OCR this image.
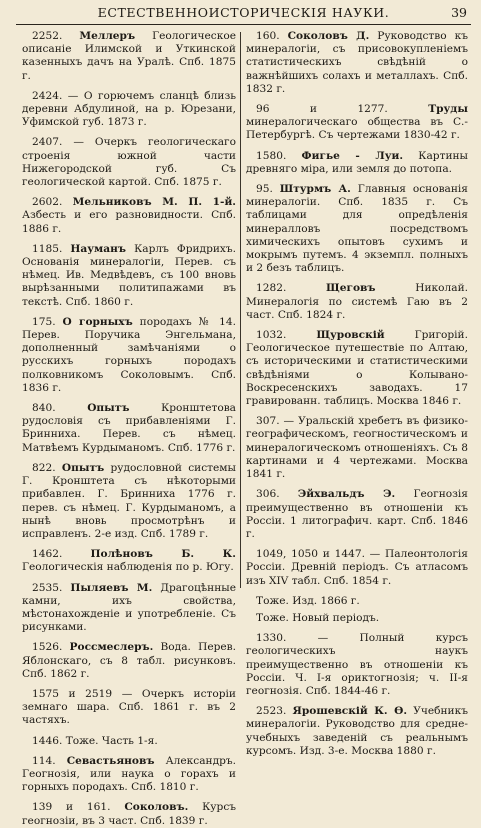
ЕСТЕСТВЕННОИСТОРИЧЕСКІЯ НАУКИ.	39

2252. Меллеръ Геологическое описаніе Илимской и Уткинской казенныхъ дачъ на Уралѣ. Спб. 1875 г.

2424. — О горючемъ сланцѣ близь деревни Абдулиной, на р. Юрезани, Уфимской губ. 1873 г.

2407. — Очеркъ геологическаго строенія южной части Нижегородской губ. Съ геологической картой. Спб. 1875 г.

2602. Мельниковъ М. П. 1-й. Азбесть и его разновидности. Спб. 1886 г.

1185. Науманъ Карлъ Фридрихъ. Основанія минералогіи, Перев. съ нѣмец. Ив. Медвѣдевъ, съ 100 вновь вырѣзанными политипажами въ текстѣ. Спб. 1860 г.

175. О горныхъ породахъ № 14. Перев. Поручика Энгельмана, дополненный замѣчаніями о русскихъ горныхъ породахъ полковникомъ Соколовымъ. Спб. 1836 г.

840. Опытъ Кронштетова рудословія съ прибавленіями Г. Бринниха. Перев. съ нѣмец. Матвѣемъ Курдыманомъ. Спб. 1776 г.

822. Опытъ рудословной системы Г. Кронштета съ нѣкоторыми прибавлен. Г. Бринниха 1776 г. перев. съ нѣмец. Г. Курдыманомъ, а нынѣ вновь просмотрѣнъ и исправленъ. 2-е изд. Спб. 1789 г.

1462. Полѣновъ Б. К. Геологическія наблюденія по р. Югу.

2535. Пыляевъ М. Драгоцѣнные камни, ихъ свойства, мѣстонахожденіе и употребленіе. Съ рисунками.

1526. Россмеслеръ. Вода. Перев. Яблонскаго, съ 8 табл. рисунковъ. Спб. 1862 г.

1575 и 2519 — Очеркъ исторіи земнаго шара. Спб. 1861 г. въ 2 частяхъ.

1446. Тоже. Часть 1-я.

114. Севастьяновъ Александръ. Геогнозія, или наука о горахъ и горныхъ породахъ. Спб. 1810 г.

139 и 161. Соколовъ. Курсъ геогнозіи, въ 3 част. Спб. 1839 г.

160. Соколовъ Д. Руководство къ минералогіи, съ присовокупленіемъ статистическихъ свѣдѣній о важнѣйшихъ солахъ и металлахъ. Спб. 1832 г.

96 и 1277. Труды минералогическаго общества въ С.-Петербургѣ. Съ чертежами 1830-42 г.

1580. Фигье - Луи. Картины древняго міра, или земля до потопа.

95. Штурмъ А. Главныя основанія минералогіи. Спб. 1835 г. Съ таблицами для опредѣленія минералловъ посредствомъ химическихъ опытовъ сухимъ и мокрымъ путемъ. 4 экземпл. полныхъ и 2 безъ таблицъ.

1282. Щеговъ Николай. Минералогія по системѣ Гаю въ 2 част. Спб. 1824 г.

1032. Щуровскій Григорій. Геологическое путешествіе по Алтаю, съ историческими и статистическими свѣдѣніями о Колывано-Воскресенскихъ заводахъ. 17 гравированн. таблицъ. Москва 1846 г.

307. — Уральскій хребетъ въ физико-географическомъ, геогностическомъ и минералогическомъ отношеніяхъ. Съ 8 картинами и 4 чертежами. Москва 1841 г.

306. Эйхвальдъ Э. Геогнозія преимущественно въ отношеніи къ Россіи. 1 литографич. карт. Спб. 1846 г.

1049, 1050 и 1447. — Палеонтологія Россіи. Древній періодъ. Съ атласомъ изъ XIV табл. Спб. 1854 г.

Тоже. Изд. 1866 г.

Тоже. Новый періодъ.

1330. — Полный курсъ геологическихъ наукъ преимущественно въ отношеніи къ Россіи. Ч. I-я ориктогнозія; ч. II-я геогнозія. Спб. 1844-46 г.

2523. Ярошевскій К. Ѳ. Учебникъ минералогіи. Руководство для средне-учебныхъ заведеній съ реальнымъ курсомъ. Изд. 3-е. Москва 1880 г.
